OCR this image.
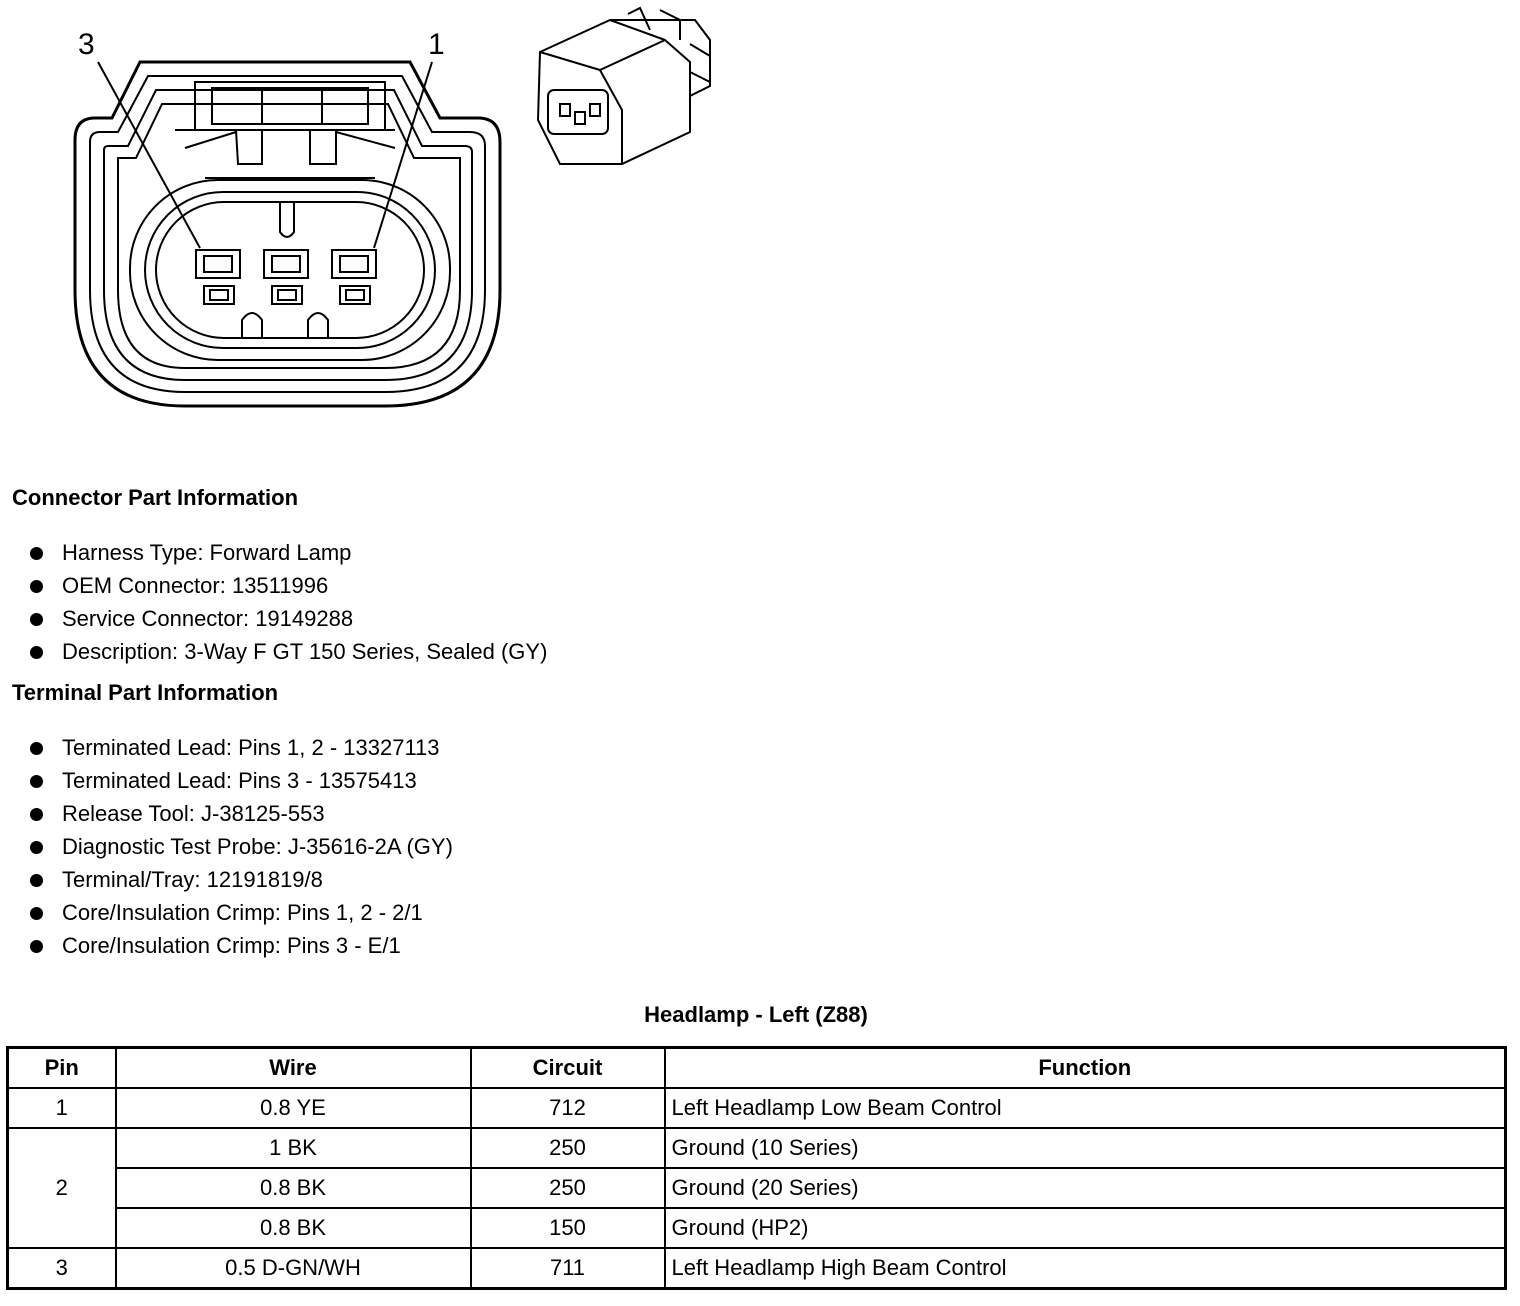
3	1
Connector Part Information
Harness Type: Forward Lamp
OEM Connector: 13511996
Service Connector: 19149288
Description: 3-Way F GT 150 Series, Sealed (GY)
Terminal Part Information
Terminated Lead: Pins 1, 2 - 13327113
Terminated Lead: Pins 3 - 13575413
Release Tool: J-38125-553
Diagnostic Test Probe: J-35616-2A (GY)
Terminal/Tray: 12191819/8
Core/Insulation Crimp: Pins 1, 2 - 2/1
Core/Insulation Crimp: Pins 3 - E/1
Headlamp - Left (Z88)
Pin	Wire	Circuit	Function
1	0.8 YE	712	Left Headlamp Low Beam Control
2	1 BK	250	Ground (10 Series)
	0.8 BK	250	Ground (20 Series)
	0.8 BK	150	Ground (HP2)
3	0.5 D-GN/WH	711	Left Headlamp High Beam Control
